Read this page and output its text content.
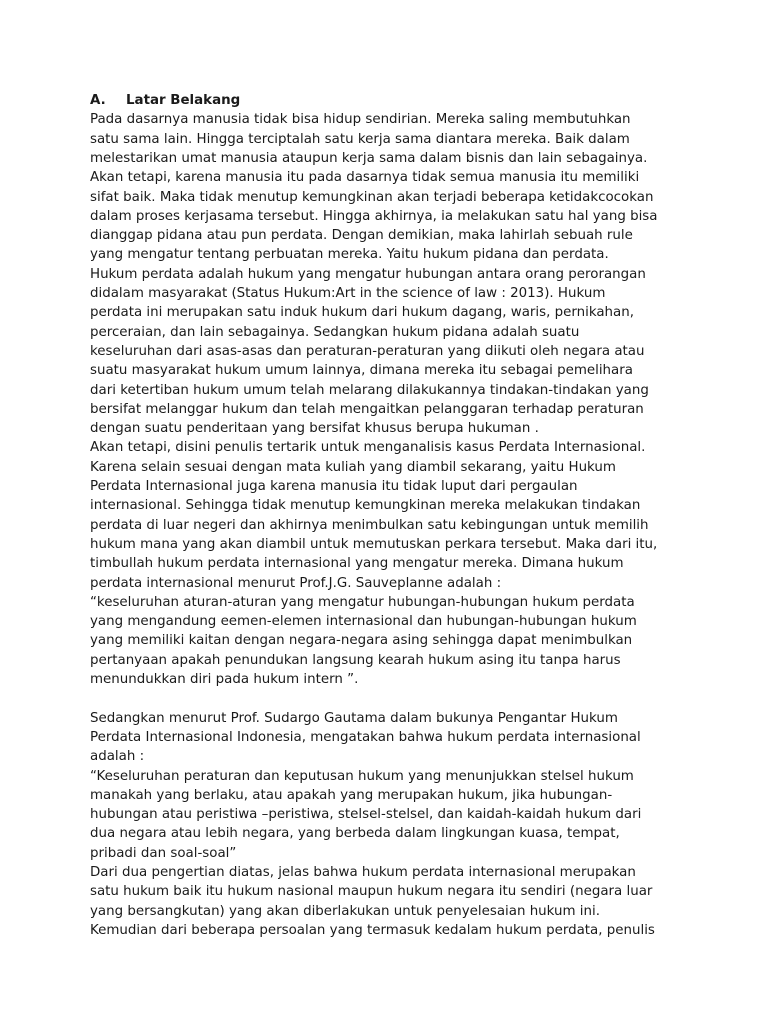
A.	Latar Belakang

Pada dasarnya manusia tidak bisa hidup sendirian. Mereka saling membutuhkan

satu sama lain. Hingga terciptalah satu kerja sama diantara mereka. Baik dalam

melestarikan umat manusia ataupun kerja sama dalam bisnis dan lain sebagainya.

Akan tetapi, karena manusia itu pada dasarnya tidak semua manusia itu memiliki

sifat baik. Maka tidak menutup kemungkinan akan terjadi beberapa ketidakcocokan

dalam proses kerjasama tersebut. Hingga akhirnya, ia melakukan satu hal yang bisa

dianggap pidana atau pun perdata. Dengan demikian, maka lahirlah sebuah rule

yang mengatur tentang perbuatan mereka. Yaitu hukum pidana dan perdata.

Hukum perdata adalah hukum yang mengatur hubungan antara orang perorangan

didalam masyarakat (Status Hukum:Art in the science of law : 2013). Hukum

perdata ini merupakan satu induk hukum dari hukum dagang, waris, pernikahan,

perceraian, dan lain sebagainya. Sedangkan hukum pidana adalah suatu

keseluruhan dari asas-asas dan peraturan-peraturan yang diikuti oleh negara atau

suatu masyarakat hukum umum lainnya, dimana mereka itu sebagai pemelihara

dari ketertiban hukum umum telah melarang dilakukannya tindakan-tindakan yang

bersifat melanggar hukum dan telah mengaitkan pelanggaran terhadap peraturan

dengan suatu penderitaan yang bersifat khusus berupa hukuman .

Akan tetapi, disini penulis tertarik untuk menganalisis kasus Perdata Internasional.

Karena selain sesuai dengan mata kuliah yang diambil sekarang, yaitu Hukum

Perdata Internasional juga karena manusia itu tidak luput dari pergaulan

internasional. Sehingga tidak menutup kemungkinan mereka melakukan tindakan

perdata di luar negeri dan akhirnya menimbulkan satu kebingungan untuk memilih

hukum mana yang akan diambil untuk memutuskan perkara tersebut. Maka dari itu,

timbullah hukum perdata internasional yang mengatur mereka. Dimana hukum

perdata internasional menurut Prof.J.G. Sauveplanne adalah :

“keseluruhan aturan-aturan yang mengatur hubungan-hubungan hukum perdata

yang mengandung eemen-elemen internasional dan hubungan-hubungan hukum

yang memiliki kaitan dengan negara-negara asing sehingga dapat menimbulkan

pertanyaan apakah penundukan langsung kearah hukum asing itu tanpa harus

menundukkan diri pada hukum intern ”.

Sedangkan menurut Prof. Sudargo Gautama dalam bukunya Pengantar Hukum

Perdata Internasional Indonesia, mengatakan bahwa hukum perdata internasional

adalah :

“Keseluruhan peraturan dan keputusan hukum yang menunjukkan stelsel hukum

manakah yang berlaku, atau apakah yang merupakan hukum, jika hubungan-

hubungan atau peristiwa –peristiwa, stelsel-stelsel, dan kaidah-kaidah hukum dari

dua negara atau lebih negara, yang berbeda dalam lingkungan kuasa, tempat,

pribadi dan soal-soal”

Dari dua pengertian diatas, jelas bahwa hukum perdata internasional merupakan

satu hukum baik itu hukum nasional maupun hukum negara itu sendiri (negara luar

yang bersangkutan) yang akan diberlakukan untuk penyelesaian hukum ini.

Kemudian dari beberapa persoalan yang termasuk kedalam hukum perdata, penulis
